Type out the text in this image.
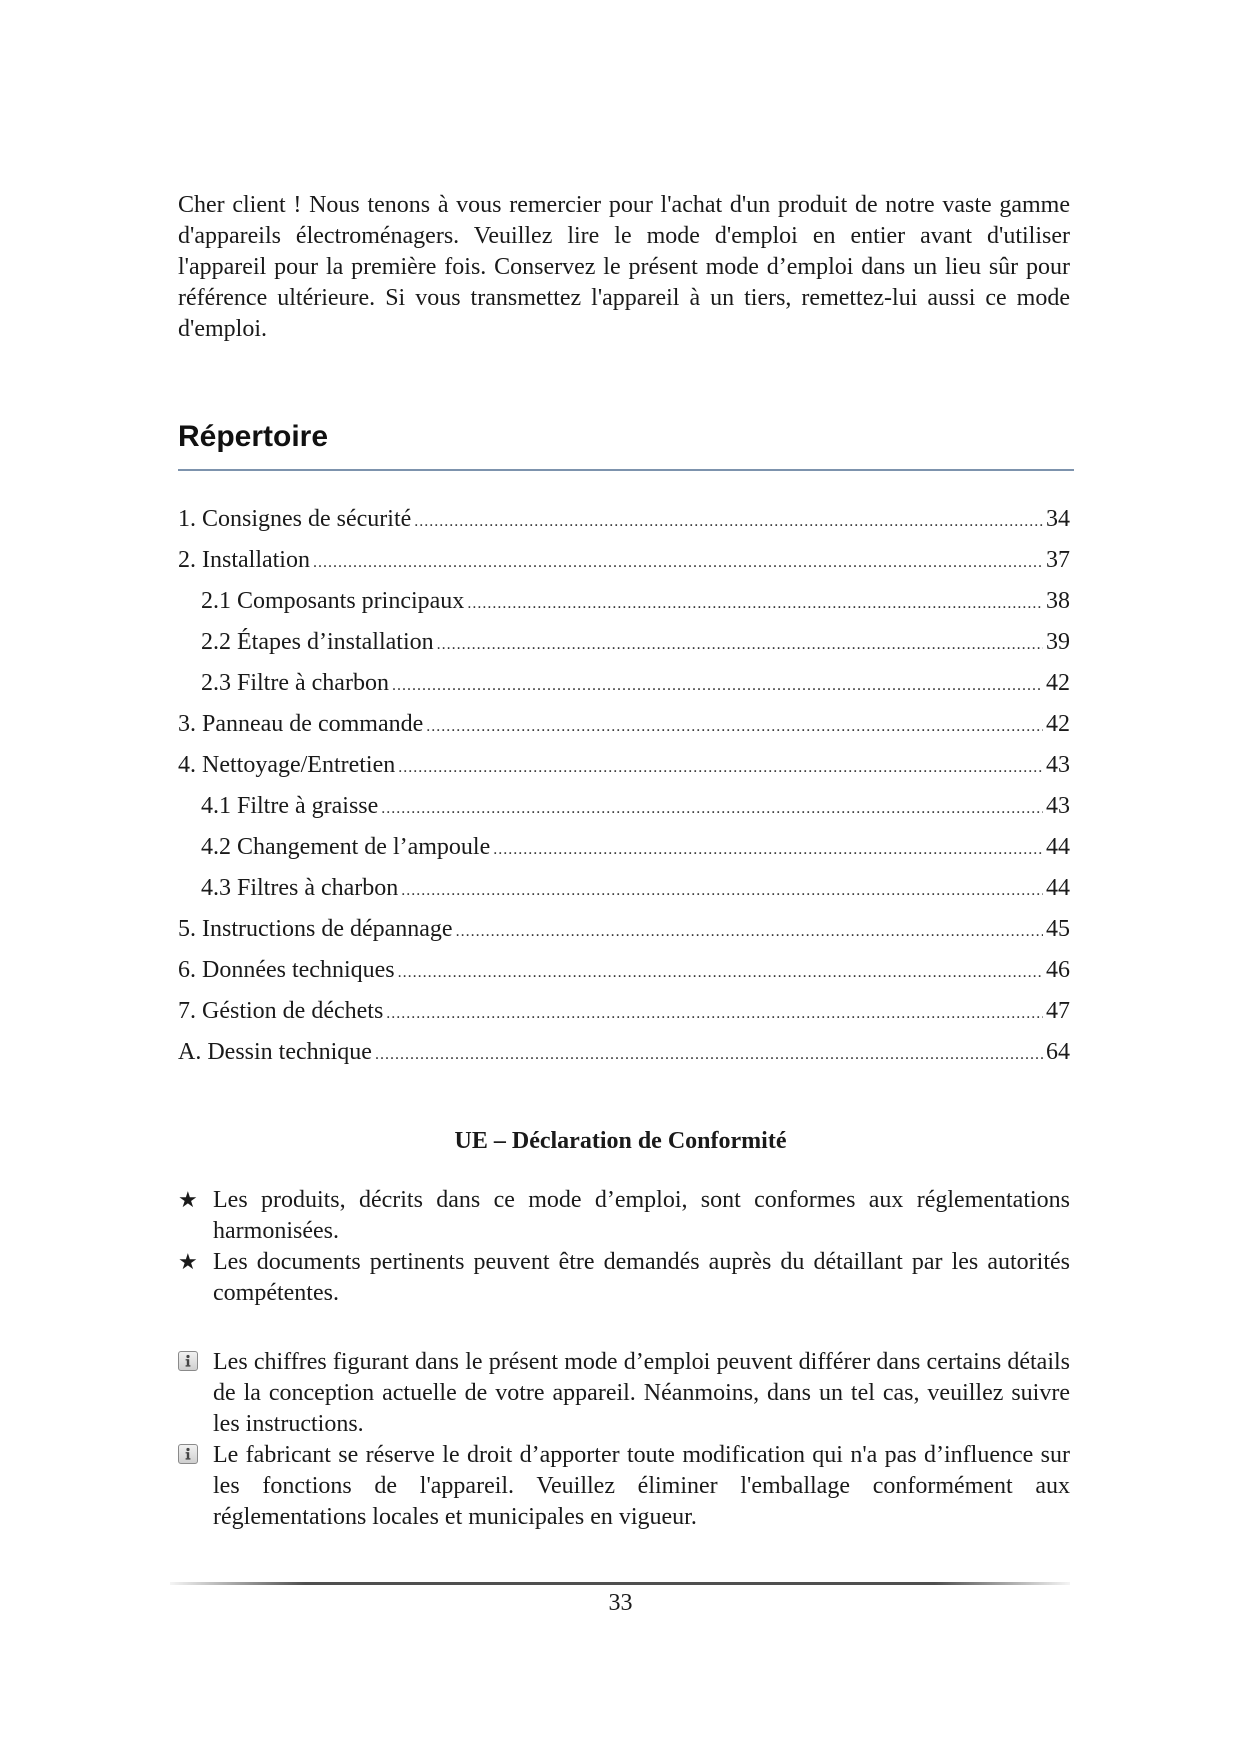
Cher client ! Nous tenons à vous remercier pour l'achat d'un produit de notre vaste gamme d'appareils électroménagers. Veuillez lire le mode d'emploi en entier avant d'utiliser l'appareil pour la première fois. Conservez le présent mode d’emploi dans un lieu sûr pour référence ultérieure. Si vous transmettez l'appareil à un tiers, remettez-lui aussi ce mode d'emploi.

Répertoire
1. Consignes de sécurité .....	34
2. Installation .....	37
2.1 Composants principaux .....	38
2.2 Étapes d’installation .....	39
2.3 Filtre à charbon .....	42
3. Panneau de commande .....	42
4. Nettoyage/Entretien .....	43
4.1 Filtre à graisse .....	43
4.2 Changement de l’ampoule .....	44
4.3 Filtres à charbon .....	44
5. Instructions de dépannage .....	45
6. Données techniques .....	46
7. Géstion de déchets .....	47
A. Dessin technique .....	64
UE – Déclaration de Conformité
★ Les produits, décrits dans ce mode d’emploi, sont conformes aux réglementations harmonisées.
★ Les documents pertinents peuvent être demandés auprès du détaillant par les autorités compétentes.
Les chiffres figurant dans le présent mode d’emploi peuvent différer dans certains détails de la conception actuelle de votre appareil. Néanmoins, dans un tel cas, veuillez suivre les instructions.
Le fabricant se réserve le droit d’apporter toute modification qui n'a pas d’influence sur les fonctions de l'appareil. Veuillez éliminer l'emballage conformément aux réglementations locales et municipales en vigueur.

33
